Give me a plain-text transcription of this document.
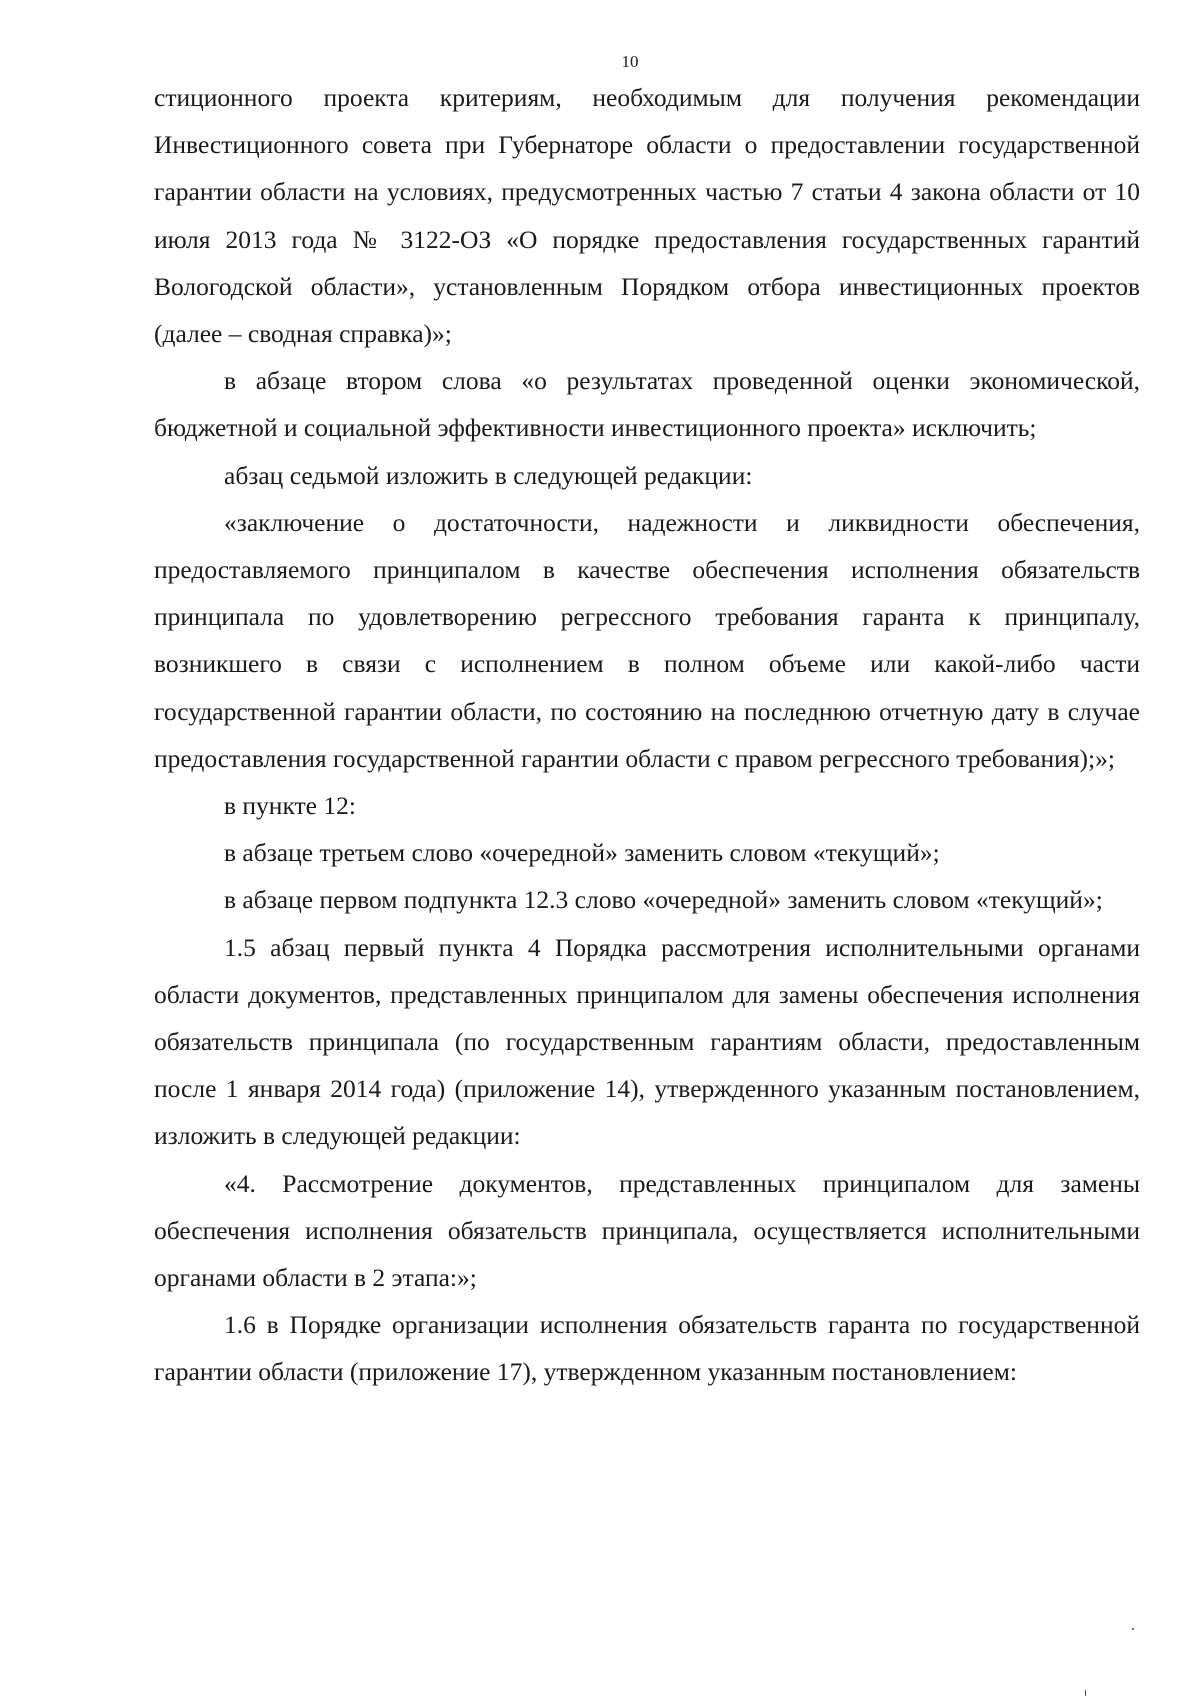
10

стиционного проекта критериям, необходимым для получения рекомендации Инвестиционного совета при Губернаторе области о предоставлении государственной гарантии области на условиях, предусмотренных частью 7 статьи 4 закона области от 10 июля 2013 года № 3122-ОЗ «О порядке предоставления государственных гарантий Вологодской области», установленным Порядком отбора инвестиционных проектов (далее – сводная справка)»;

в абзаце втором слова «о результатах проведенной оценки экономической, бюджетной и социальной эффективности инвестиционного проекта» исключить;

абзац седьмой изложить в следующей редакции:

«заключение о достаточности, надежности и ликвидности обеспечения, предоставляемого принципалом в качестве обеспечения исполнения обязательств принципала по удовлетворению регрессного требования гаранта к принципалу, возникшего в связи с исполнением в полном объеме или какой-либо части государственной гарантии области, по состоянию на последнюю отчетную дату в случае предоставления государственной гарантии области с правом регрессного требования);»;

в пункте 12:

в абзаце третьем слово «очередной» заменить словом «текущий»;

в абзаце первом подпункта 12.3 слово «очередной» заменить словом «текущий»;

1.5 абзац первый пункта 4 Порядка рассмотрения исполнительными органами области документов, представленных принципалом для замены обеспечения исполнения обязательств принципала (по государственным гарантиям области, предоставленным после 1 января 2014 года) (приложение 14), утвержденного указанным постановлением, изложить в следующей редакции:

«4. Рассмотрение документов, представленных принципалом для замены обеспечения исполнения обязательств принципала, осуществляется исполнительными органами области в 2 этапа:»;

1.6 в Порядке организации исполнения обязательств гаранта по государственной гарантии области (приложение 17), утвержденном указанным постановлением:
